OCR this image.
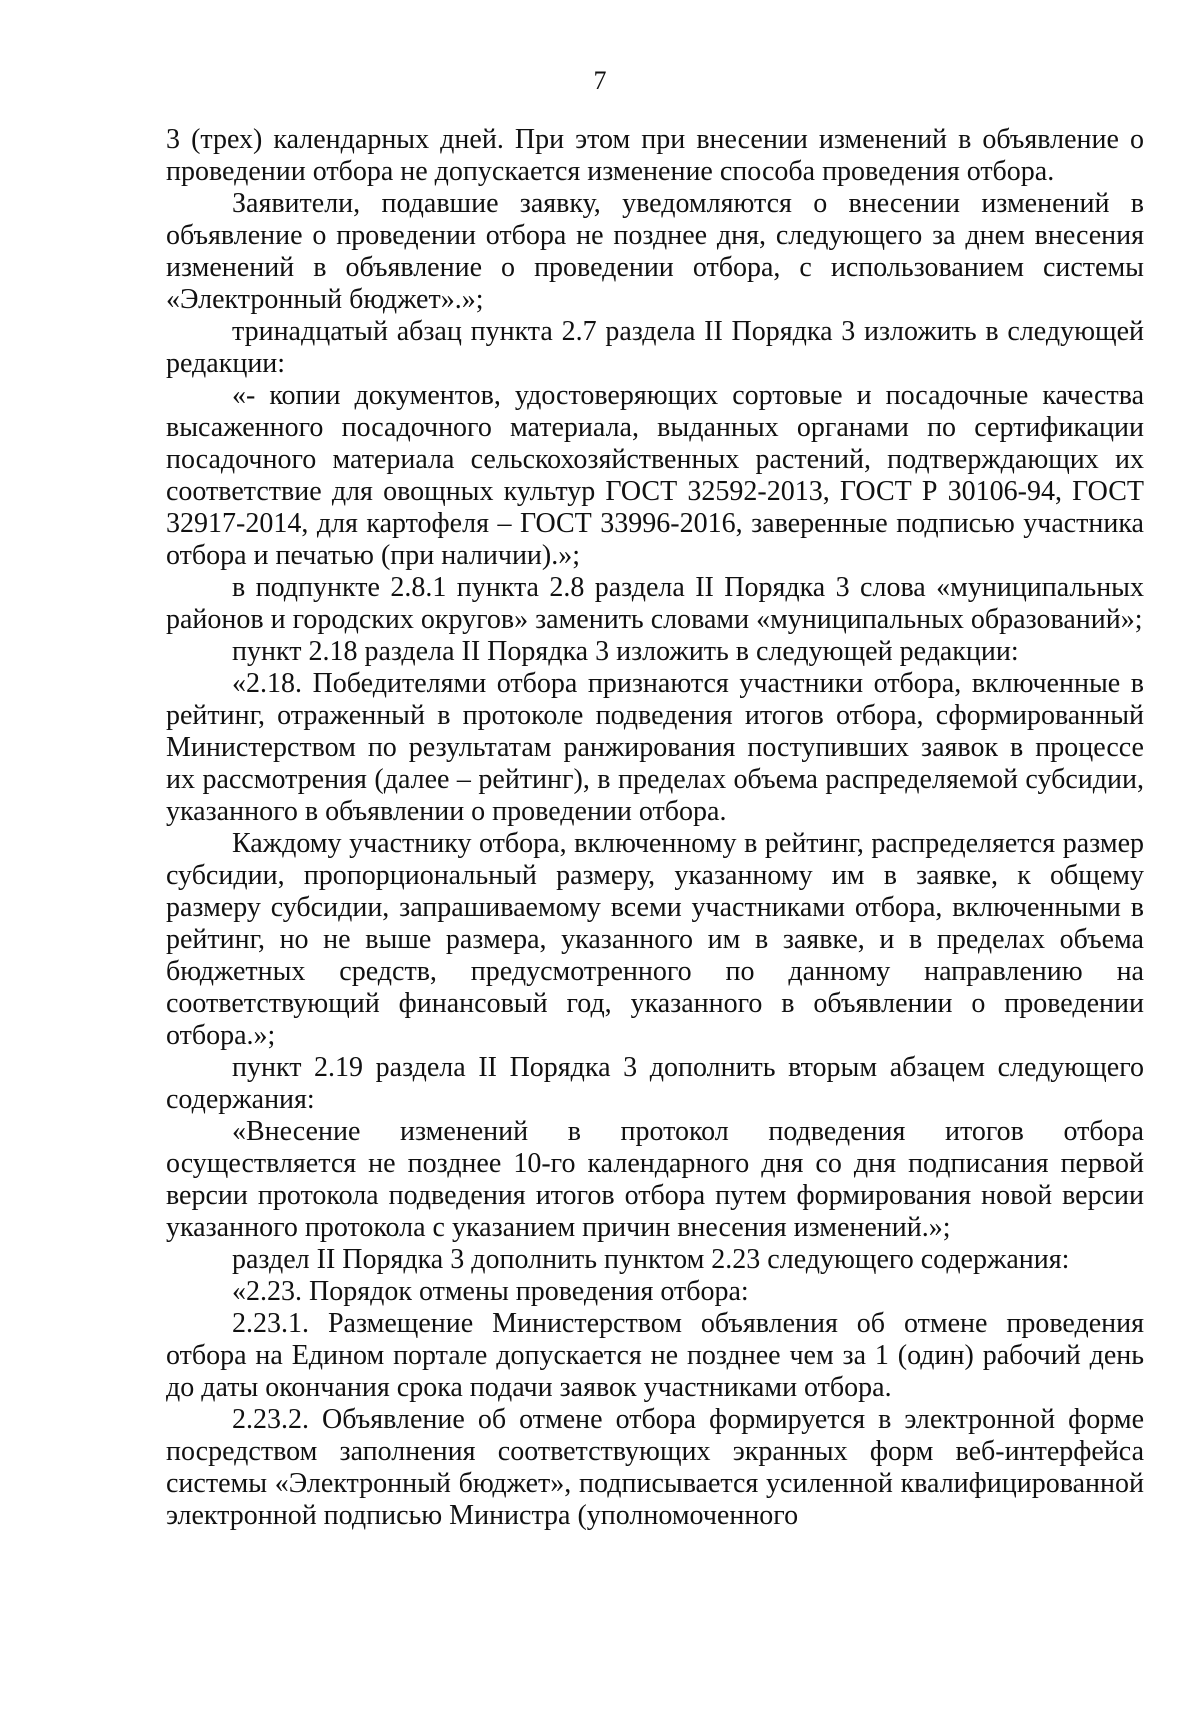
7

3 (трех) календарных дней. При этом при внесении изменений в объявление о проведении отбора не допускается изменение способа проведения отбора.

Заявители, подавшие заявку, уведомляются о внесении изменений в объявление о проведении отбора не позднее дня, следующего за днем внесения изменений в объявление о проведении отбора, с использованием системы «Электронный бюджет».»;

тринадцатый абзац пункта 2.7 раздела II Порядка 3 изложить в следующей редакции:

«- копии документов, удостоверяющих сортовые и посадочные качества высаженного посадочного материала, выданных органами по сертификации посадочного материала сельскохозяйственных растений, подтверждающих их соответствие для овощных культур ГОСТ 32592-2013, ГОСТ Р 30106-94, ГОСТ 32917-2014, для картофеля – ГОСТ 33996-2016, заверенные подписью участника отбора и печатью (при наличии).»;

в подпункте 2.8.1 пункта 2.8 раздела II Порядка 3 слова «муниципальных районов и городских округов» заменить словами «муниципальных образований»;

пункт 2.18 раздела II Порядка 3 изложить в следующей редакции:

«2.18. Победителями отбора признаются участники отбора, включенные в рейтинг, отраженный в протоколе подведения итогов отбора, сформированный Министерством по результатам ранжирования поступивших заявок в процессе их рассмотрения (далее – рейтинг), в пределах объема распределяемой субсидии, указанного в объявлении о проведении отбора.

Каждому участнику отбора, включенному в рейтинг, распределяется размер субсидии, пропорциональный размеру, указанному им в заявке, к общему размеру субсидии, запрашиваемому всеми участниками отбора, включенными в рейтинг, но не выше размера, указанного им в заявке, и в пределах объема бюджетных средств, предусмотренного по данному направлению на соответствующий финансовый год, указанного в объявлении о проведении отбора.»;

пункт 2.19 раздела II Порядка 3 дополнить вторым абзацем следующего содержания:

«Внесение изменений в протокол подведения итогов отбора осуществляется не позднее 10-го календарного дня со дня подписания первой версии протокола подведения итогов отбора путем формирования новой версии указанного протокола с указанием причин внесения изменений.»;

раздел II Порядка 3 дополнить пунктом 2.23 следующего содержания:

«2.23. Порядок отмены проведения отбора:

2.23.1. Размещение Министерством объявления об отмене проведения отбора на Едином портале допускается не позднее чем за 1 (один) рабочий день до даты окончания срока подачи заявок участниками отбора.

2.23.2. Объявление об отмене отбора формируется в электронной форме посредством заполнения соответствующих экранных форм веб-интерфейса системы «Электронный бюджет», подписывается усиленной квалифицированной электронной подписью Министра (уполномоченного
